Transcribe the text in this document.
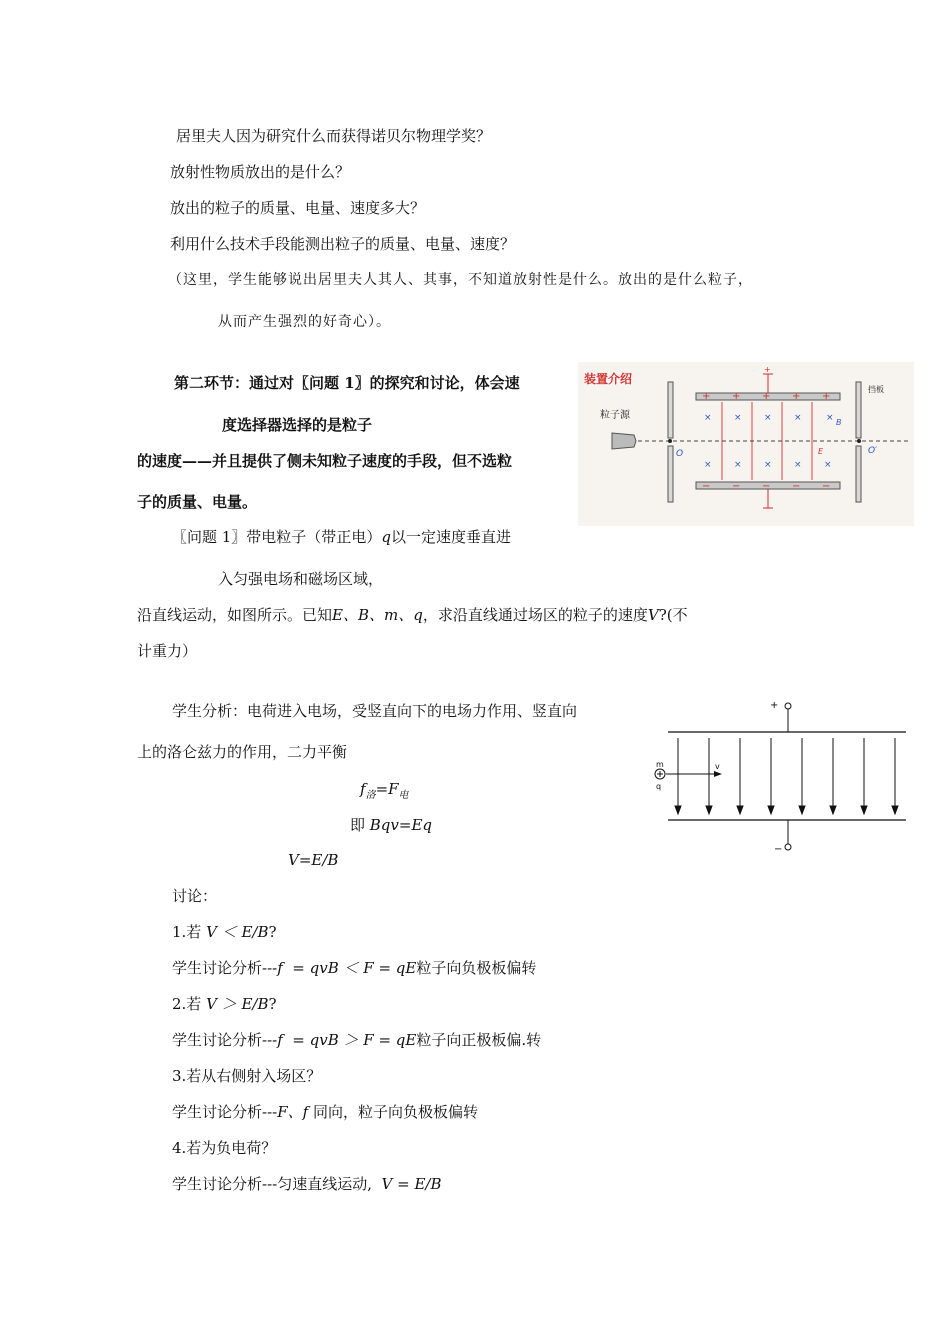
居里夫人因为研究什么而获得诺贝尔物理学奖？
放射性物质放出的是什么？
放出的粒子的质量、电量、速度多大？
利用什么技术手段能测出粒子的质量、电量、速度？
（这里，学生能够说出居里夫人其人、其事，不知道放射性是什么。放出的是什么粒子，
从而产生强烈的好奇心）。
第二环节：通过对〖问题 1〗的探究和讨论，体会速
度选择器选择的是粒子
的速度——并且提供了侧未知粒子速度的手段，但不选粒
子的质量、电量。
装置介绍
+ + + + +
− − − − −
+
× × × ×	×
× × × × ×
B
E
挡板
O	O′
粒子源
〖问题 1〗带电粒子（带正电）q以一定速度垂直进
入匀强电场和磁场区域，
沿直线运动，如图所示。已知E、B、m、q，求沿直线通过场区的粒子的速度V?(不
计重力）
学生分析：电荷进入电场，受竖直向下的电场力作用、竖直向
上的洛仑兹力的作用，二力平衡
$f_洛=F_电$
即 Bqv=Eq
V=E/B
+
−
m
q
v
讨论：
1.若 V ＜ E/B?
学生讨论分析---f  = qvB ＜ F = qE粒子向负极板偏转
2.若 V ＞ E/B?
学生讨论分析---f  = qvB ＞ F = qE粒子向正极板偏.转
3.若从右侧射入场区？
学生讨论分析---F、f 同向，粒子向负极板偏转
4.若为负电荷？
学生讨论分析---匀速直线运动,  V = E/B
